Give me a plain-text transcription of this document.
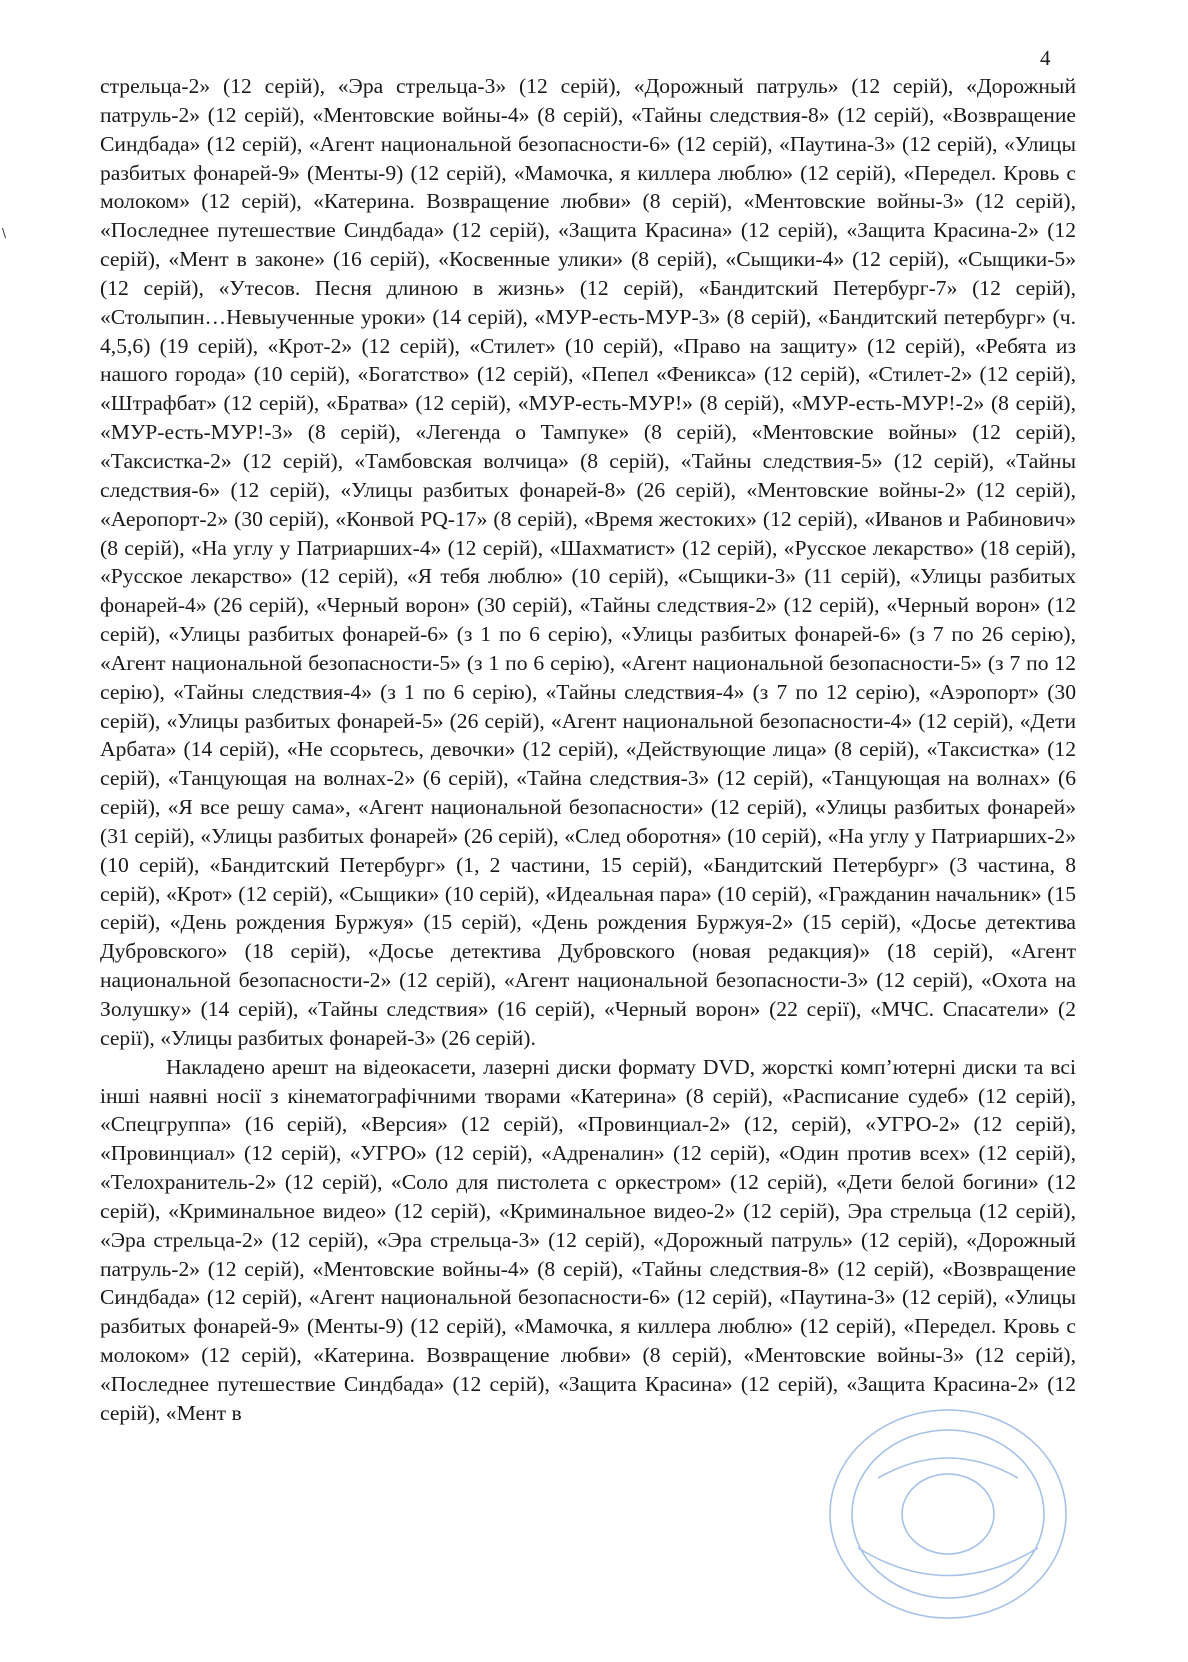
4
\

стрельца-2» (12 серій), «Эра стрельца-3» (12 серій), «Дорожный патруль» (12 серій), «Дорожный патруль-2» (12 серій), «Ментовские войны-4» (8 серій), «Тайны следствия-8» (12 серій), «Возвращение Синдбада» (12 серій), «Агент национальной безопасности-6» (12 серій), «Паутина-3» (12 серій), «Улицы разбитых фонарей-9» (Менты-9) (12 серій), «Мамочка, я киллера люблю» (12 серій), «Передел. Кровь с молоком» (12 серій), «Катерина. Возвращение любви» (8 серій), «Ментовские войны-3» (12 серій), «Последнее путешествие Синдбада» (12 серій), «Защита Красина» (12 серій), «Защита Красина-2» (12 серій), «Мент в законе» (16 серій), «Косвенные улики» (8 серій), «Сыщики-4» (12 серій), «Сыщики-5» (12 серій), «Утесов. Песня длиною в жизнь» (12 серій), «Бандитский Петербург-7» (12 серій), «Столыпин…Невыученные уроки» (14 серій), «МУР-есть-МУР-3» (8 серій), «Бандитский петербург» (ч. 4,5,6) (19 серій), «Крот-2» (12 серій), «Стилет» (10 серій), «Право на защиту» (12 серій), «Ребята из нашого города» (10 серій), «Богатство» (12 серій), «Пепел «Феникса» (12 серій), «Стилет-2» (12 серій), «Штрафбат» (12 серій), «Братва» (12 серій), «МУР-есть-МУР!» (8 серій), «МУР-есть-МУР!-2» (8 серій), «МУР-есть-МУР!-3» (8 серій), «Легенда о Тампуке» (8 серій), «Ментовские войны» (12 серій), «Таксистка-2» (12 серій), «Тамбовская волчица» (8 серій), «Тайны следствия-5» (12 серій), «Тайны следствия-6» (12 серій), «Улицы разбитых фонарей-8» (26 серій), «Ментовские войны-2» (12 серій), «Аеропорт-2» (30 серій), «Конвой PQ-17» (8 серій), «Время жестоких» (12 серій), «Иванов и Рабинович» (8 серій), «На углу у Патриарших-4» (12 серій), «Шахматист» (12 серій), «Русское лекарство» (18 серій), «Русское лекарство» (12 серій), «Я тебя люблю» (10 серій), «Сыщики-3» (11 серій), «Улицы разбитых фонарей-4» (26 серій), «Черный ворон» (30 серій), «Тайны следствия-2» (12 серій), «Черный ворон» (12 серій), «Улицы разбитых фонарей-6» (з 1 по 6 серію), «Улицы разбитых фонарей-6» (з 7 по 26 серію), «Агент национальной безопасности-5» (з 1 по 6 серію), «Агент национальной безопасности-5» (з 7 по 12 серію), «Тайны следствия-4» (з 1 по 6 серію), «Тайны следствия-4» (з 7 по 12 серію), «Аэропорт» (30 серій), «Улицы разбитых фонарей-5» (26 серій), «Агент национальной безопасности-4» (12 серій), «Дети Арбата» (14 серій), «Не ссорьтесь, девочки» (12 серій), «Действующие лица» (8 серій), «Таксистка» (12 серій), «Танцующая на волнах-2» (6 серій), «Тайна следствия-3» (12 серій), «Танцующая на волнах» (6 серій), «Я все решу сама», «Агент национальной безопасности» (12 серій), «Улицы разбитых фонарей» (31 серій), «Улицы разбитых фонарей» (26 серій), «След оборотня» (10 серій), «На углу у Патриарших-2» (10 серій), «Бандитский Петербург» (1, 2 частини, 15 серій), «Бандитский Петербург» (3 частина, 8 серій), «Крот» (12 серій), «Сыщики» (10 серій), «Идеальная пара» (10 серій), «Гражданин начальник» (15 серій), «День рождения Буржуя» (15 серій), «День рождения Буржуя-2» (15 серій), «Досье детектива Дубровского» (18 серій), «Досье детектива Дубровского (новая редакция)» (18 серій), «Агент национальной безопасности-2» (12 серій), «Агент национальной безопасности-3» (12 серій), «Охота на Золушку» (14 серій), «Тайны следствия» (16 серій), «Черный ворон» (22 серії), «МЧС. Спасатели» (2 серії), «Улицы разбитых фонарей-3» (26 серій).

Накладено арешт на відеокасети, лазерні диски формату DVD, жорсткі комп’ютерні диски та всі інші наявні носії з кінематографічними творами «Катерина» (8 серій), «Расписание судеб» (12 серій), «Спецгруппа» (16 серій), «Версия» (12 серій), «Провинциал-2» (12, серій), «УГРО-2» (12 серій), «Провинциал» (12 серій), «УГРО» (12 серій), «Адреналин» (12 серій), «Один против всех» (12 серій), «Телохранитель-2» (12 серій), «Соло для пистолета с оркестром» (12 серій), «Дети белой богини» (12 серій), «Криминальное видео» (12 серій), «Криминальное видео-2» (12 серій), Эра стрельца (12 серій), «Эра стрельца-2» (12 серій), «Эра стрельца-3» (12 серій), «Дорожный патруль» (12 серій), «Дорожный патруль-2» (12 серій), «Ментовские войны-4» (8 серій), «Тайны следствия-8» (12 серій), «Возвращение Синдбада» (12 серій), «Агент национальной безопасности-6» (12 серій), «Паутина-3» (12 серій), «Улицы разбитых фонарей-9» (Менты-9) (12 серій), «Мамочка, я киллера люблю» (12 серій), «Передел. Кровь с молоком» (12 серій), «Катерина. Возвращение любви» (8 серій), «Ментовские войны-3» (12 серій), «Последнее путешествие Синдбада» (12 серій), «Защита Красина» (12 серій), «Защита Красина-2» (12 серій), «Мент в
